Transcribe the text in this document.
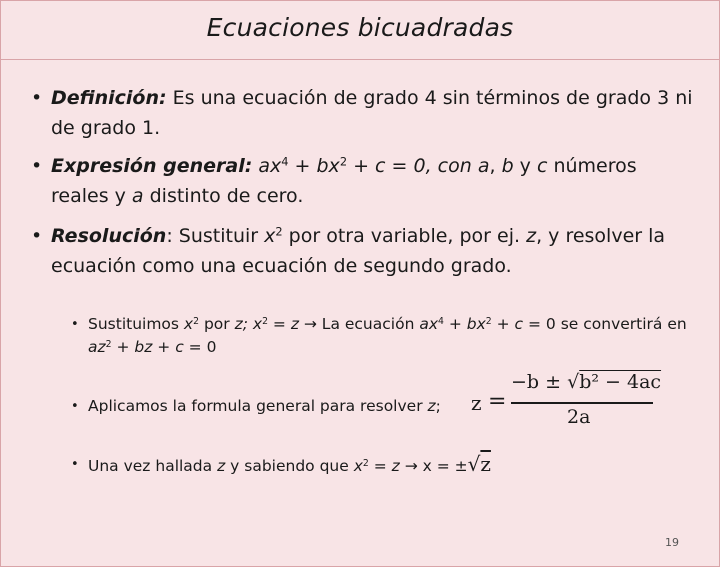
Ecuaciones bicuadradas
• Definición: Es una ecuación de grado 4 sin términos de grado 3 ni de grado 1.
• Expresión general: $ax^4 + bx^2 + c = 0$, con a, b y c números reales y a distinto de cero.
• Resolución: Sustituir $x^2$ por otra variable, por ej. z, y resolver la ecuación como una ecuación de segundo grado.
• Sustituimos $x^2$ por z; $x^2 = z \to La$ ecuación $ax^4 + bx^2 + c = 0$ se convertirá en $az^2$ + bz + c = 0
• Aplicamos la formula general para resolver z;	z =
−b ± √b² − 4ac
2a
• Una vez hallada z y sabiendo que $x^2 = z \to x = \pm√z$
19
